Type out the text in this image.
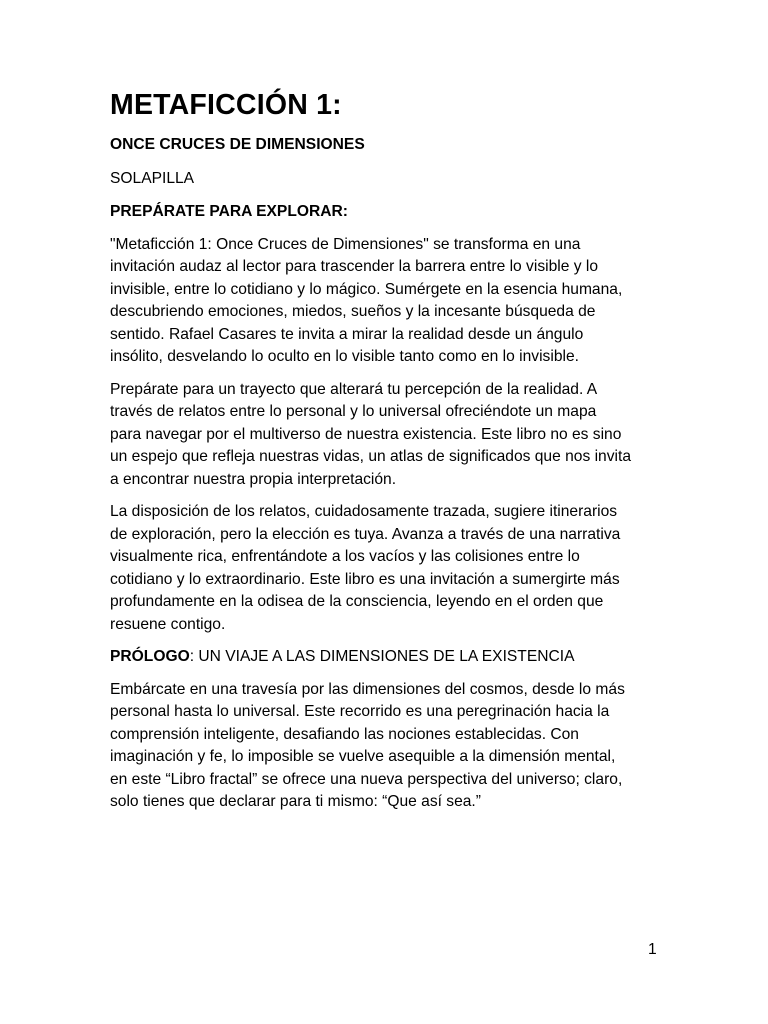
METAFICCIÓN 1:

ONCE CRUCES DE DIMENSIONES

SOLAPILLA

PREPÁRATE PARA EXPLORAR:

"Metaficción 1: Once Cruces de Dimensiones" se transforma en una

invitación audaz al lector para trascender la barrera entre lo visible y lo

invisible, entre lo cotidiano y lo mágico. Sumérgete en la esencia humana,

descubriendo emociones, miedos, sueños y la incesante búsqueda de

sentido. Rafael Casares te invita a mirar la realidad desde un ángulo

insólito, desvelando lo oculto en lo visible tanto como en lo invisible.

Prepárate para un trayecto que alterará tu percepción de la realidad. A

través de relatos entre lo personal y lo universal ofreciéndote un mapa

para navegar por el multiverso de nuestra existencia. Este libro no es sino

un espejo que refleja nuestras vidas, un atlas de significados que nos invita

a encontrar nuestra propia interpretación.

La disposición de los relatos, cuidadosamente trazada, sugiere itinerarios

de exploración, pero la elección es tuya. Avanza a través de una narrativa

visualmente rica, enfrentándote a los vacíos y las colisiones entre lo

cotidiano y lo extraordinario. Este libro es una invitación a sumergirte más

profundamente en la odisea de la consciencia, leyendo en el orden que

resuene contigo.

PRÓLOGO: UN VIAJE A LAS DIMENSIONES DE LA EXISTENCIA

Embárcate en una travesía por las dimensiones del cosmos, desde lo más

personal hasta lo universal. Este recorrido es una peregrinación hacia la

comprensión inteligente, desafiando las nociones establecidas. Con

imaginación y fe, lo imposible se vuelve asequible a la dimensión mental,

en este “Libro fractal” se ofrece una nueva perspectiva del universo; claro,

solo tienes que declarar para ti mismo: “Que así sea.”

1
